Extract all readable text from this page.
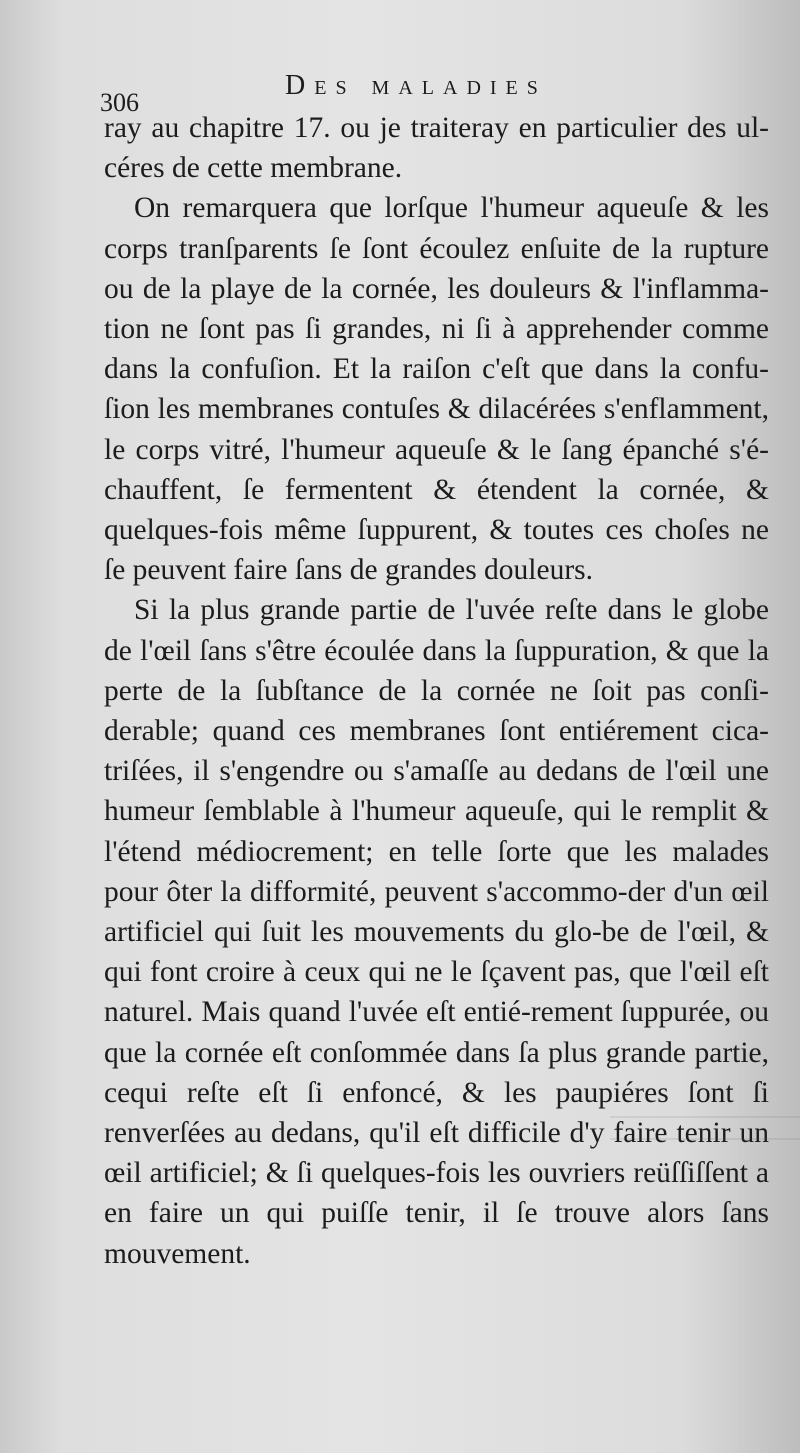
306
Des maladies

ray au chapitre 17. ou je traiteray en particulier des ul-céres de cette membrane.

On remarquera que lorſque l'humeur aqueuſe & les corps tranſparents ſe ſont écoulez enſuite de la rupture ou de la playe de la cornée, les douleurs & l'inflamma-tion ne ſont pas ſi grandes, ni ſi à apprehender comme dans la confuſion. Et la raiſon c'eſt que dans la confu-ſion les membranes contuſes & dilacérées s'enflamment, le corps vitré, l'humeur aqueuſe & le ſang épanché s'é-chauffent, ſe fermentent & étendent la cornée, & quelques-fois même ſuppurent, & toutes ces choſes ne ſe peuvent faire ſans de grandes douleurs.

Si la plus grande partie de l'uvée reſte dans le globe de l'œil ſans s'être écoulée dans la ſuppuration, & que la perte de la ſubſtance de la cornée ne ſoit pas conſi-derable; quand ces membranes ſont entiérement cica-triſées, il s'engendre ou s'amaſſe au dedans de l'œil une humeur ſemblable à l'humeur aqueuſe, qui le remplit & l'étend médiocrement; en telle ſorte que les malades pour ôter la difformité, peuvent s'accommo-der d'un œil artificiel qui ſuit les mouvements du glo-be de l'œil, & qui font croire à ceux qui ne le ſçavent pas, que l'œil eſt naturel. Mais quand l'uvée eſt entié-rement ſuppurée, ou que la cornée eſt conſommée dans ſa plus grande partie, cequi reſte eſt ſi enfoncé, & les paupiéres ſont ſi renverſées au dedans, qu'il eſt difficile d'y faire tenir un œil artificiel; & ſi quelques-fois les ouvriers reüſſiſſent a en faire un qui puiſſe tenir, il ſe trouve alors ſans mouvement.
